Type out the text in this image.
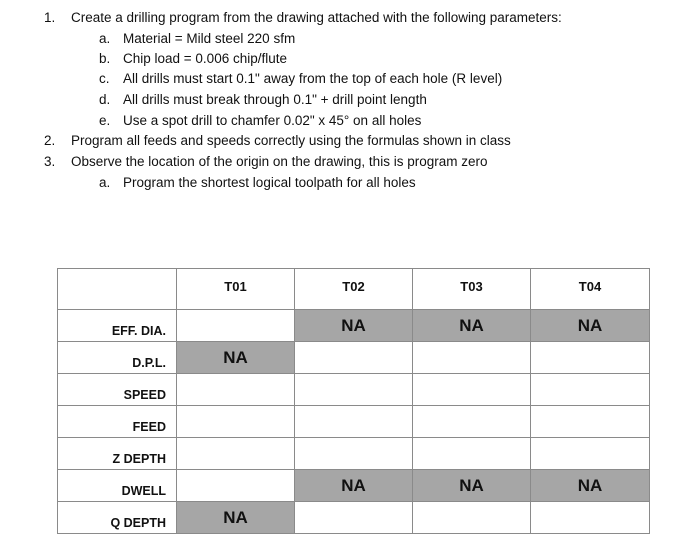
1. Create a drilling program from the drawing attached with the following parameters:
a. Material = Mild steel 220 sfm
b. Chip load = 0.006 chip/flute
c. All drills must start 0.1" away from the top of each hole (R level)
d. All drills must break through 0.1" + drill point length
e. Use a spot drill to chamfer 0.02" x 45° on all holes
2. Program all feeds and speeds correctly using the formulas shown in class
3. Observe the location of the origin on the drawing, this is program zero
a. Program the shortest logical toolpath for all holes
	T01	T02	T03	T04
EFF. DIA.		NA	NA	NA
D.P.L.	NA			
SPEED				
FEED				
Z DEPTH				
DWELL		NA	NA	NA
Q DEPTH	NA			
